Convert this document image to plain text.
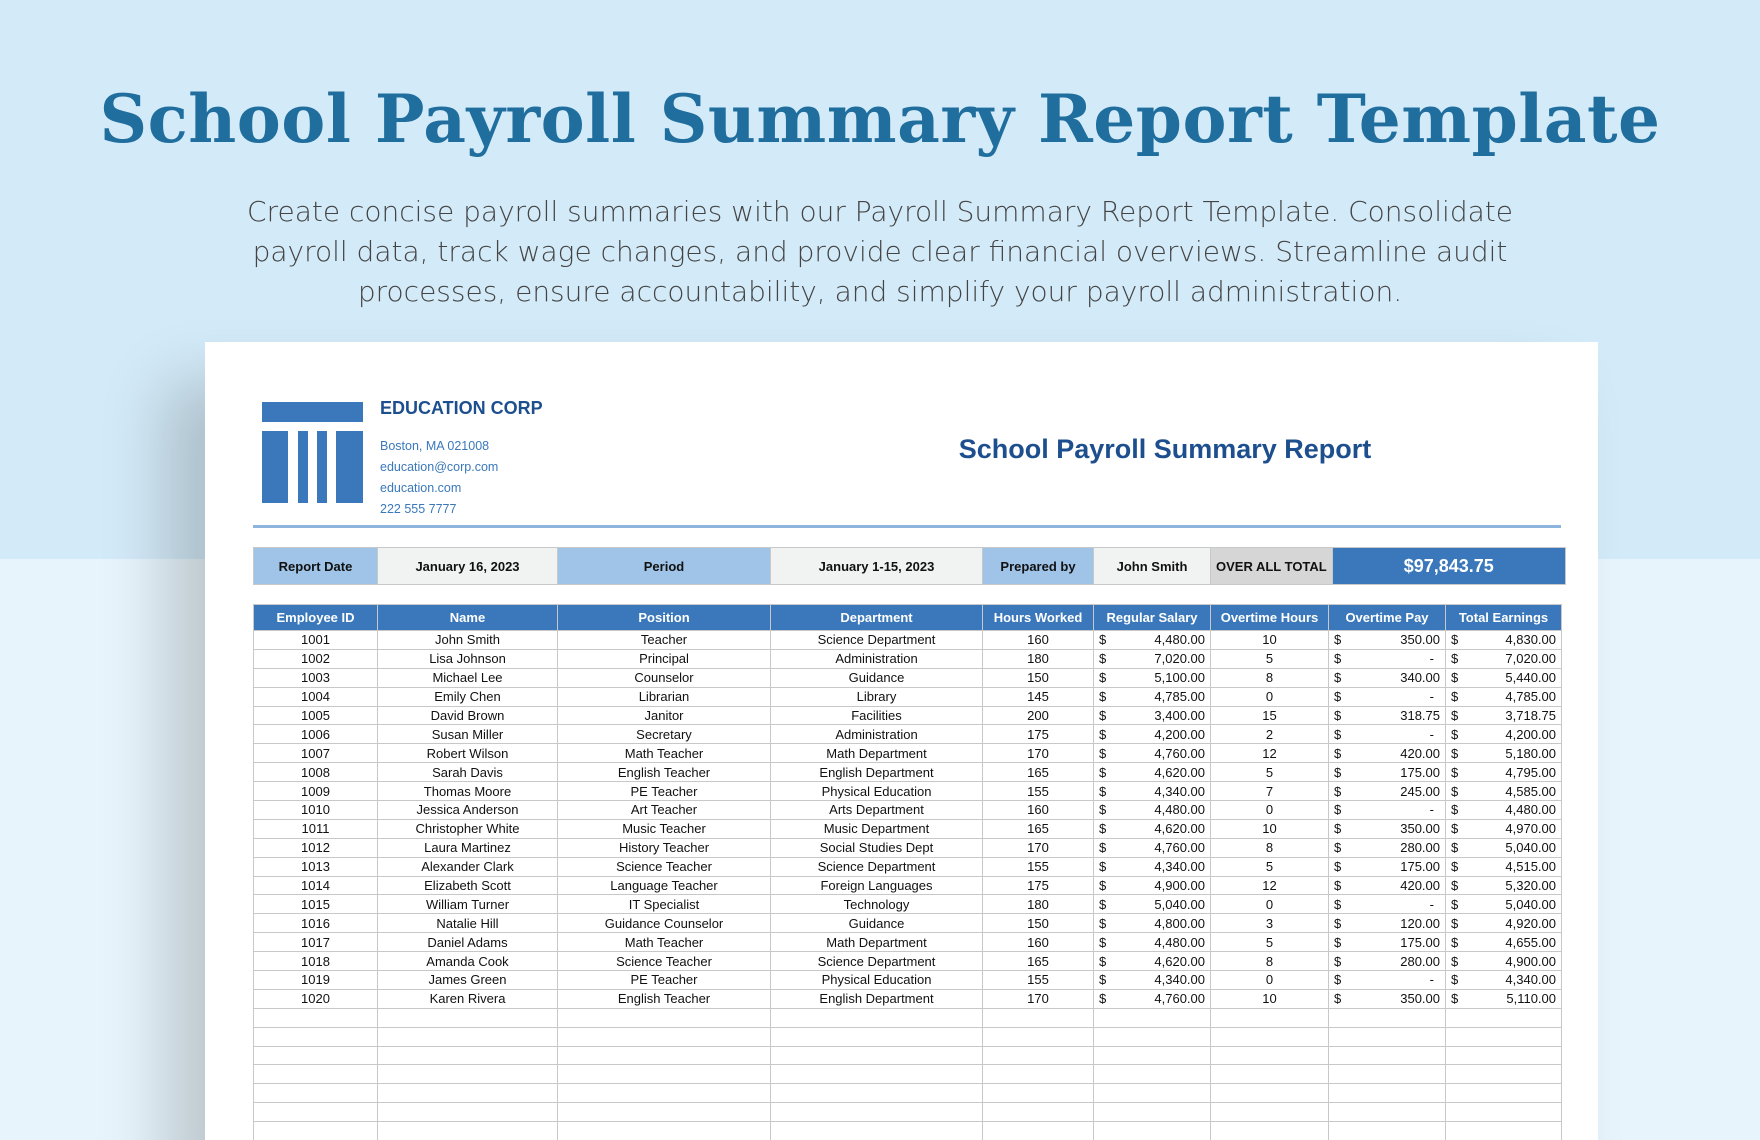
School Payroll Summary Report Template

Create concise payroll summaries with our Payroll Summary Report Template. Consolidate payroll data, track wage changes, and provide clear financial overviews. Streamline audit processes, ensure accountability, and simplify your payroll administration.

EDUCATION CORP
Boston, MA 021008
education@corp.com
education.com
222 555 7777
School Payroll Summary Report
Report Date	January 16, 2023	Period	January 1-15, 2023	Prepared by	John Smith	OVER ALL TOTAL	$97,843.75
Employee ID	Name	Position	Department	Hours Worked	Regular Salary	Overtime Hours	Overtime Pay	Total Earnings
1001	John Smith	Teacher	Science Department	160	$ 4,480.00	10	$ 350.00	$ 4,830.00

1002	Lisa Johnson	Principal	Administration	180	$ 7,020.00	5	$ -	$ 7,020.00

1003	Michael Lee	Counselor	Guidance	150	$ 5,100.00	8	$ 340.00	$ 5,440.00

1004	Emily Chen	Librarian	Library	145	$ 4,785.00	0	$ -	$ 4,785.00

1005	David Brown	Janitor	Facilities	200	$ 3,400.00	15	$ 318.75	$ 3,718.75

1006	Susan Miller	Secretary	Administration	175	$ 4,200.00	2	$ -	$ 4,200.00

1007	Robert Wilson	Math Teacher	Math Department	170	$ 4,760.00	12	$ 420.00	$ 5,180.00

1008	Sarah Davis	English Teacher	English Department	165	$ 4,620.00	5	$ 175.00	$ 4,795.00

1009	Thomas Moore	PE Teacher	Physical Education	155	$ 4,340.00	7	$ 245.00	$ 4,585.00

1010	Jessica Anderson	Art Teacher	Arts Department	160	$ 4,480.00	0	$ -	$ 4,480.00

1011	Christopher White	Music Teacher	Music Department	165	$ 4,620.00	10	$ 350.00	$ 4,970.00

1012	Laura Martinez	History Teacher	Social Studies Dept	170	$ 4,760.00	8	$ 280.00	$ 5,040.00

1013	Alexander Clark	Science Teacher	Science Department	155	$ 4,340.00	5	$ 175.00	$ 4,515.00

1014	Elizabeth Scott	Language Teacher	Foreign Languages	175	$ 4,900.00	12	$ 420.00	$ 5,320.00

1015	William Turner	IT Specialist	Technology	180	$ 5,040.00	0	$ -	$ 5,040.00

1016	Natalie Hill	Guidance Counselor	Guidance	150	$ 4,800.00	3	$ 120.00	$ 4,920.00

1017	Daniel Adams	Math Teacher	Math Department	160	$ 4,480.00	5	$ 175.00	$ 4,655.00

1018	Amanda Cook	Science Teacher	Science Department	165	$ 4,620.00	8	$ 280.00	$ 4,900.00

1019	James Green	PE Teacher	Physical Education	155	$ 4,340.00	0	$ -	$ 4,340.00

1020	Karen Rivera	English Teacher	English Department	170	$ 4,760.00	10	$ 350.00	$ 5,110.00
